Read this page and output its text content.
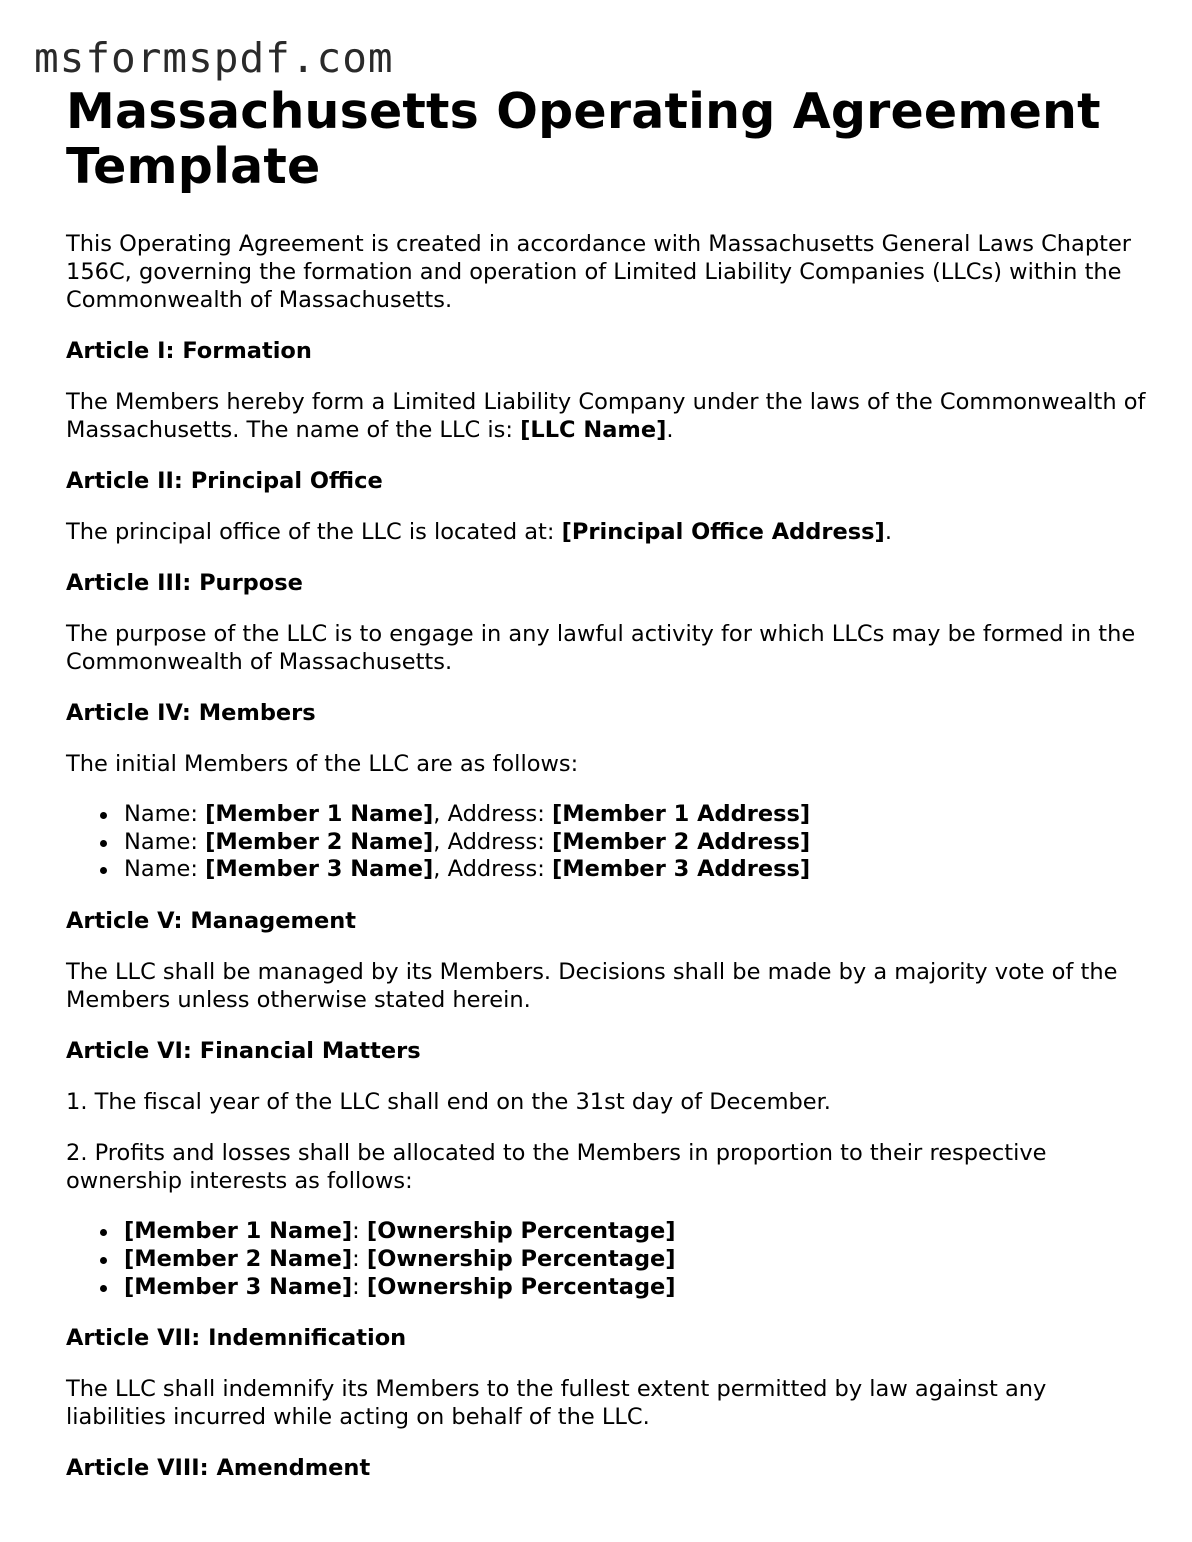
msformspdf.com
Massachusetts Operating Agreement Template

This Operating Agreement is created in accordance with Massachusetts General Laws Chapter 156C, governing the formation and operation of Limited Liability Companies (LLCs) within the Commonwealth of Massachusetts.

Article I: Formation

The Members hereby form a Limited Liability Company under the laws of the Commonwealth of Massachusetts. The name of the LLC is: [LLC Name].

Article II: Principal Office

The principal office of the LLC is located at: [Principal Office Address].

Article III: Purpose

The purpose of the LLC is to engage in any lawful activity for which LLCs may be formed in the Commonwealth of Massachusetts.

Article IV: Members

The initial Members of the LLC are as follows:

Name: [Member 1 Name], Address: [Member 1 Address]
Name: [Member 2 Name], Address: [Member 2 Address]
Name: [Member 3 Name], Address: [Member 3 Address]

Article V: Management

The LLC shall be managed by its Members. Decisions shall be made by a majority vote of the Members unless otherwise stated herein.

Article VI: Financial Matters

1. The fiscal year of the LLC shall end on the 31st day of December.

2. Profits and losses shall be allocated to the Members in proportion to their respective ownership interests as follows:

[Member 1 Name]: [Ownership Percentage]
[Member 2 Name]: [Ownership Percentage]
[Member 3 Name]: [Ownership Percentage]

Article VII: Indemnification

The LLC shall indemnify its Members to the fullest extent permitted by law against any liabilities incurred while acting on behalf of the LLC.

Article VIII: Amendment
